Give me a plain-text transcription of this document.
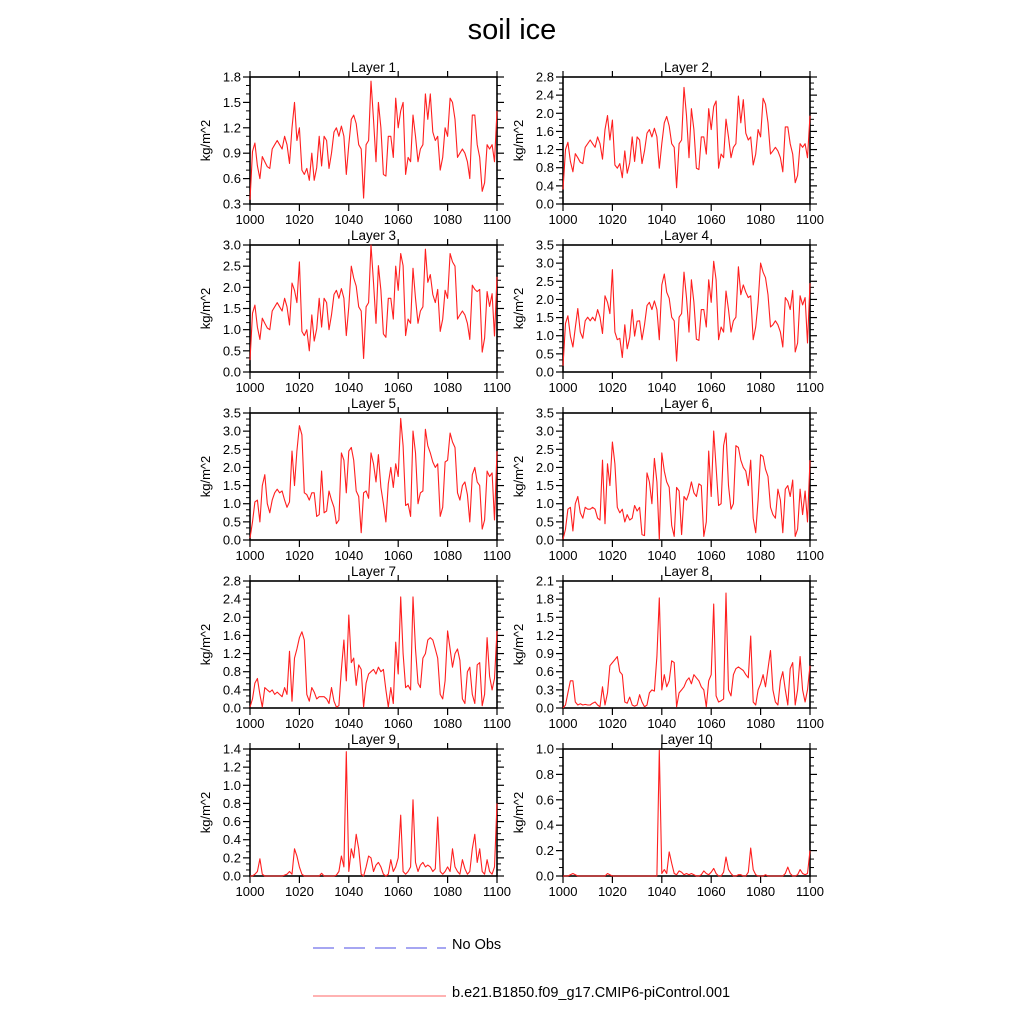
soil ice
Layer 1
1000 1020 1040 1060 1080 1100
0.3
0.6
0.9
1.2
1.5
1.8
kg/m^2
Layer 2
1000 1020 1040 1060 1080 1100
0.0
0.4
0.8
1.2
1.6
2.0
2.4
2.8
kg/m^2
Layer 3
1000 1020 1040 1060 1080 1100
0.0
0.5
1.0
1.5
2.0
2.5
3.0
kg/m^2
Layer 4
1000 1020 1040 1060 1080 1100
0.0
0.5
1.0
1.5
2.0
2.5
3.0
3.5
kg/m^2
Layer 5
1000 1020 1040 1060 1080 1100
0.0
0.5
1.0
1.5
2.0
2.5
3.0
3.5
kg/m^2
Layer 6
1000 1020 1040 1060 1080 1100
0.0
0.5
1.0
1.5
2.0
2.5
3.0
3.5
kg/m^2
Layer 7
1000 1020 1040 1060 1080 1100
0.0
0.4
0.8
1.2
1.6
2.0
2.4
2.8
kg/m^2
Layer 8
1000 1020 1040 1060 1080 1100
0.0
0.3
0.6
0.9
1.2
1.5
1.8
2.1
kg/m^2
Layer 9
1000 1020 1040 1060 1080 1100
0.0
0.2
0.4
0.6
0.8
1.0
1.2
1.4
kg/m^2
Layer 10
1000 1020 1040 1060 1080 1100
0.0
0.2
0.4
0.6
0.8
1.0
kg/m^2
No Obs
b.e21.B1850.f09_g17.CMIP6-piControl.001
